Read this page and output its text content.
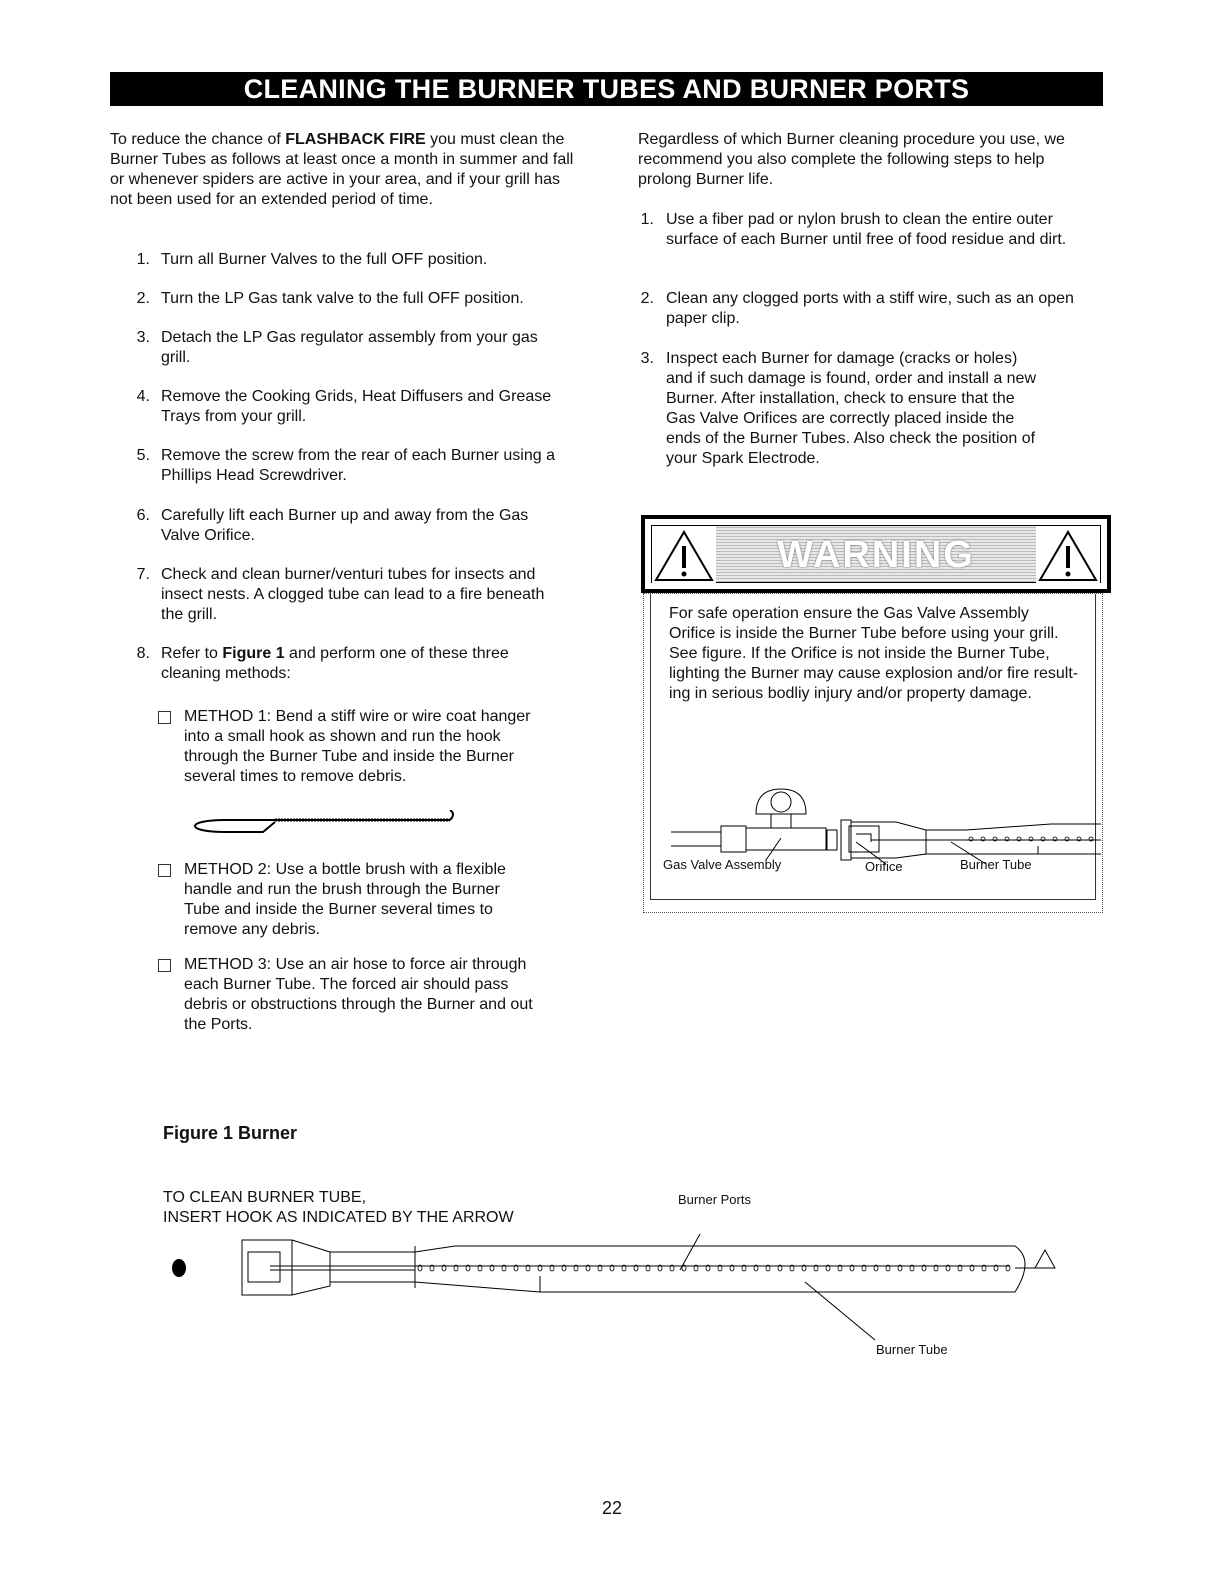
CLEANING THE BURNER TUBES AND BURNER PORTS
To reduce the chance of FLASHBACK FIRE you must clean the Burner Tubes as follows at least once a month in summer and fall or whenever spiders are active in your area, and if your grill has not been used for an extended period of time.
1. Turn all Burner Valves to the full OFF position.
2. Turn the LP Gas tank valve to the full OFF position.
3. Detach the LP Gas regulator assembly from your gas grill.
4. Remove the Cooking Grids, Heat Diffusers and Grease Trays from your grill.
5. Remove the screw from the rear of each Burner using a Phillips Head Screwdriver.
6. Carefully lift each Burner up and away from the Gas Valve Orifice.
7. Check and clean burner/venturi tubes for insects and insect nests. A clogged tube can lead to a fire beneath the grill.
8. Refer to Figure 1 and perform one of these three cleaning methods:
METHOD 1: Bend a stiff wire or wire coat hanger into a small hook as shown and run the hook through the Burner Tube and inside the Burner several times to remove debris.
METHOD 2: Use a bottle brush with a flexible handle and run the brush through the Burner Tube and inside the Burner several times to remove any debris.
METHOD 3: Use an air hose to force air through each Burner Tube. The forced air should pass debris or obstructions through the Burner and out the Ports.
Regardless of which Burner cleaning procedure you use, we recommend you also complete the following steps to help prolong Burner life.
1. Use a fiber pad or nylon brush to clean the entire outer surface of each Burner until free of food residue and dirt.
2. Clean any clogged ports with a stiff wire, such as an open paper clip.
3. Inspect each Burner for damage (cracks or holes) and if such damage is found, order and install a new Burner. After installation, check to ensure that the Gas Valve Orifices are correctly placed inside the ends of the Burner Tubes. Also check the position of your Spark Electrode.
WARNING
For safe operation ensure the Gas Valve Assembly Orifice is inside the Burner Tube before using your grill. See figure. If the Orifice is not inside the Burner Tube, lighting the Burner may cause explosion and/or fire result-ing in serious bodliy injury and/or property damage.
Gas Valve Assembly	Orifice	Burner Tube
Figure 1 Burner
TO CLEAN BURNER TUBE,
INSERT HOOK AS INDICATED BY THE ARROW
Burner Ports
Burner Tube
22
